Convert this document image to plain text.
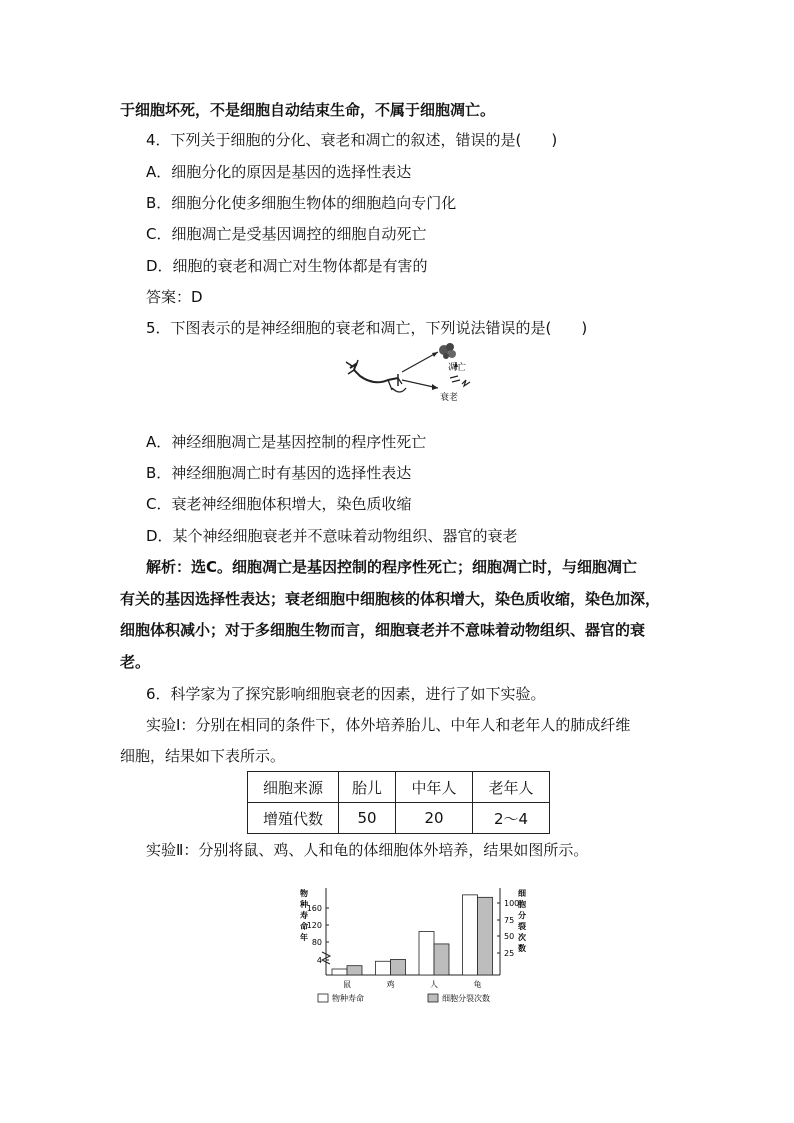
于细胞坏死，不是细胞自动结束生命，不属于细胞凋亡。
4．下列关于细胞的分化、衰老和凋亡的叙述，错误的是(　　)
A．细胞分化的原因是基因的选择性表达
B．细胞分化使多细胞生物体的细胞趋向专门化
C．细胞凋亡是受基因调控的细胞自动死亡
D．细胞的衰老和凋亡对生物体都是有害的
答案：D
5．下图表示的是神经细胞的衰老和凋亡，下列说法错误的是(　　)
凋亡
衰老
A．神经细胞凋亡是基因控制的程序性死亡
B．神经细胞凋亡时有基因的选择性表达
C．衰老神经细胞体积增大，染色质收缩
D．某个神经细胞衰老并不意味着动物组织、器官的衰老
解析：选C。细胞凋亡是基因控制的程序性死亡；细胞凋亡时，与细胞凋亡
有关的基因选择性表达；衰老细胞中细胞核的体积增大，染色质收缩，染色加深，
细胞体积减小；对于多细胞生物而言，细胞衰老并不意味着动物组织、器官的衰
老。
6．科学家为了探究影响细胞衰老的因素，进行了如下实验。
实验Ⅰ：分别在相同的条件下，体外培养胎儿、中年人和老年人的肺成纤维
细胞，结果如下表所示。
细胞来源	胎儿	中年人	老年人
增殖代数	50	20	2～4
实验Ⅱ：分别将鼠、鸡、人和龟的体细胞体外培养，结果如图所示。
4
80
120
160
25
50
75
100
物
种
寿
命
年
细
胞
分
裂
次
数
鼠	鸡	人	龟
物种寿命	细胞分裂次数
